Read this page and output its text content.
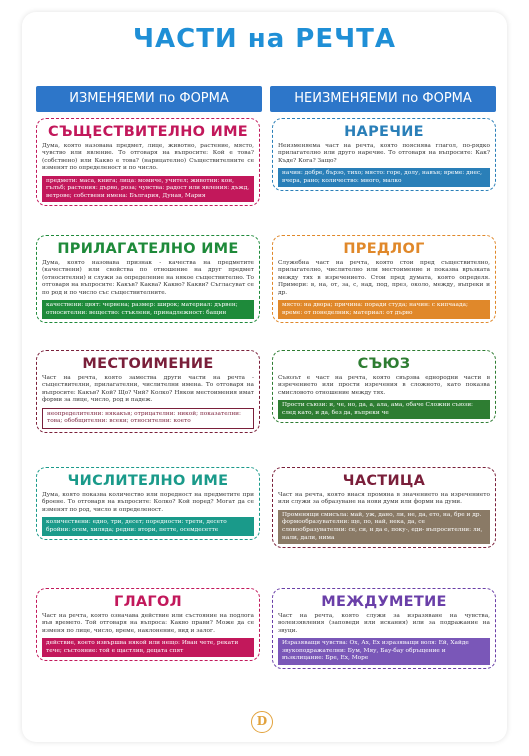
ЧАСТИ на РЕЧТА
ИЗМЕНЯЕМИ по ФОРМА	НЕИЗМЕНЯЕМИ по ФОРМА
СЪЩЕСТВИТЕЛНО ИМЕ

Дума, която назовава предмет, лице, животно, растение, място, чувство или явление. То отговаря на въпросите: Кой е това? (собствено) или Какво е това? (нарицателно) Съществителните се изменят по определеност и по число.

предмети: маса, книга; лица: момиче, учител; животни: кон, гълъб; растения: дърво, роза; чувства: радост или явления: дъжд, ветрове; собствени имена: България, Дунав, Мария
ПРИЛАГАТЕЛНО ИМЕ

Дума, която назовава признак - качества на предметите (качествени) или свойства по отношение на друг предмет (относителни) и служи за определение на някое съществително. То отговаря на въпросите: Какъв? Каква? Какво? Какви? Съгласуват се по род и по число със съществителните.

качествени: цвят: червена; размер: широк; материал: дървен; относителни: вещество: стъклени, принадлежност: бащин
МЕСТОИМЕНИЕ

Част на речта, която замества други части на речта - съществителни, прилагателни, числителни имена. То отговаря на въпросите: Какъв? Кой? Що? Чий? Колко? Някои местоимения имат форми за лице, число, род и падеж.

неопределителни: някакъв; отрицателни: никой; показателни: това; обобщителни: всеки; относителни: което
ЧИСЛИТЕЛНО ИМЕ

Дума, която показва количество или поредност на предметите при броене. То отговаря на въпросите: Колко? Кой поред? Могат да се изменят по род, число и определеност.

количествени: едно, три, десет; поредности: трети, десето бройни: осем, хиляда; редни: втори, петте, осемдесетте
ГЛАГОЛ

Част на речта, която означава действие или състояние на подлога във времето. Той отговаря на въпроса: Какво прави? Може да се изменя по лице, число, време, наклонение, вид и залог.

действие, което извършва някой или нещо: Иван чете, рекати тече; състояние: той е щастлив, децата спят
НАРЕЧИЕ

Неизменяема част на речта, която пояснява глагол, по-рядко прилагателно или друго наречие. То отговаря на въпросите: Как? Къде? Кога? Защо?

начин: добре, бързо, тихо; място: горе, долу, навън; време: днес, вчера, рано; количество: много, малко
ПРЕДЛОГ

Служебна част на речта, която стои пред съществително, прилагателно, числително или местоимение и показва връзката между тях в изречението. Стои пред думата, която определя. Примери: в, на, от, за, с, над, под, през, около, между, въпреки и др.

място: на двора; причина: поради студа; начин: с кипчаада; време: от понеделник; материал: от дърво
СЪЮЗ

Съюзът е част на речта, която свързва еднородни части в изречението или прости изречения в сложното, като показва смисловото отношение между тях.

Прости съюзи: и, че, но, да, а, ала, ама, обаче Сложни съюзи: след като, и да, без да, въпреки че
ЧАСТИЦА

Част на речта, която внася промяна в значението на изречението или служи за образуване на нови думи или форми на думи.

Променящи смисъла: май, уж, дано, ли, не, да, ето, на, бре и др. формообразувателни: ще, по, най, нека, да, се словообразувателни: се, си, н да е, поку-, еди- въпросителни: ли, нали, дали, нима
МЕЖДУМЕТИЕ

Част на речта, която служи за изразяване на чувства, волеизявления (заповеди или искания) или за подражание на звуци.

Изразяващи чувства: Ох, Ах, Ех изразяващи воля: Ей, Хайде звукоподражателни: Бум, Мяу, Бау-бау обръщение и възклицание: Бре, Ех, Море
D
